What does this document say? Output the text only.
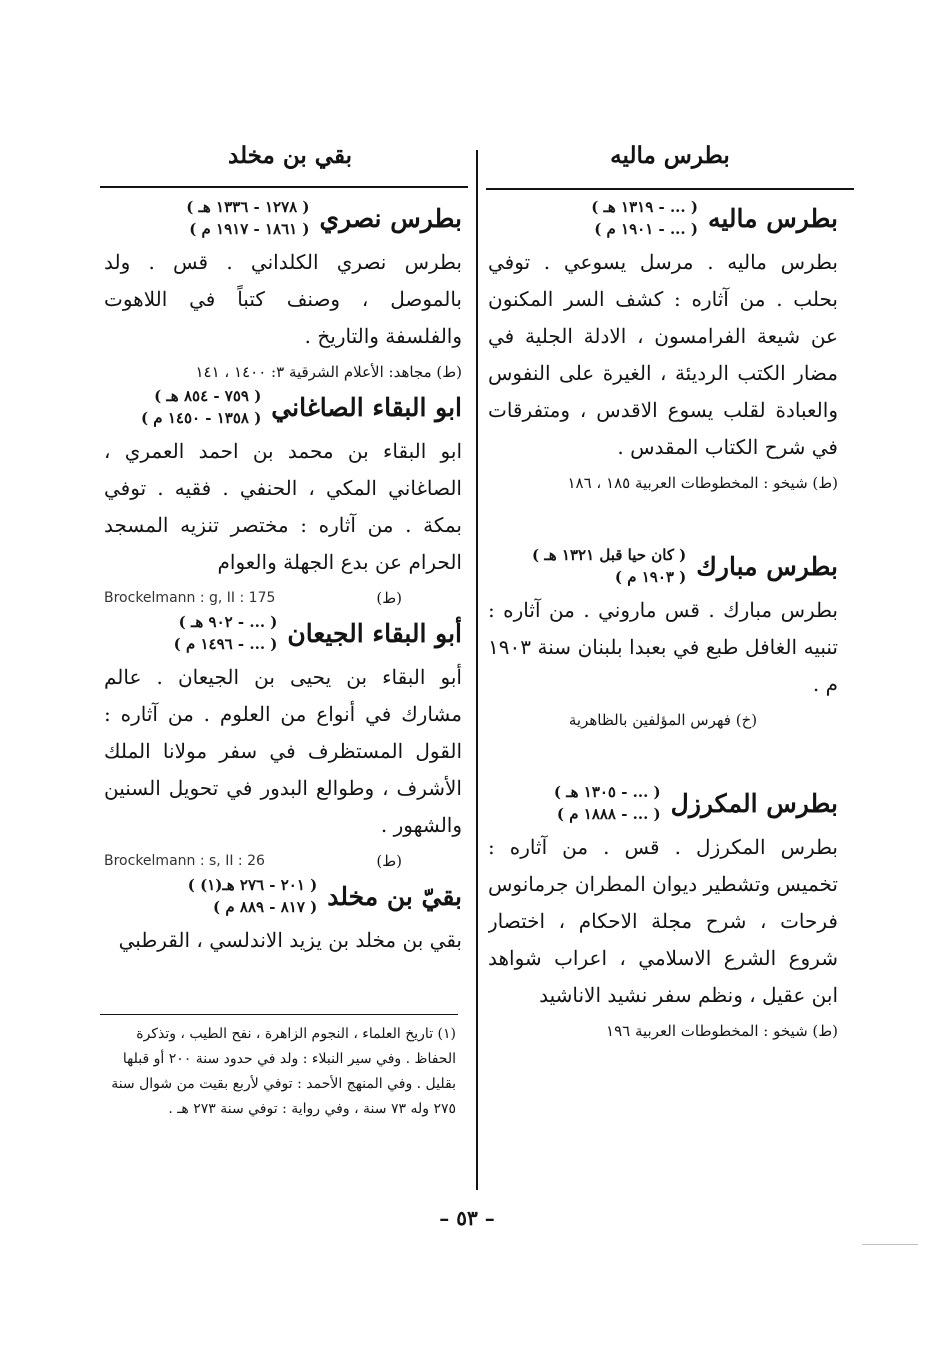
بطرس ماليه
بقي بن مخلد
بطرس ماليه
( ... - ١٣١٩ هـ )
( ... - ١٩٠١ م )

بطرس ماليه . مرسل يسوعي . توفي بحلب . من آثاره : كشف السر المكنون عن شيعة الفرامسون ، الادلة الجلية في مضار الكتب الرديئة ، الغيرة على النفوس والعبادة لقلب يسوع الاقدس ، ومتفرقات في شرح الكتاب المقدس .

(ط) شيخو : المخطوطات العربية ١٨٥ ، ١٨٦

بطرس مبارك
( كان حيا قبل ١٣٢١ هـ )
( ١٩٠٣ م )

بطرس مبارك . قس ماروني . من آثاره : تنبيه الغافل طبع في بعبدا بلبنان سنة ١٩٠٣ م .

(خ) فهرس المؤلفين بالظاهرية

بطرس المكرزل
( ... - ١٣٠٥ هـ )
( ... - ١٨٨٨ م )

بطرس المكرزل . قس . من آثاره : تخميس وتشطير ديوان المطران جرمانوس فرحات ، شرح مجلة الاحكام ، اختصار شروع الشرع الاسلامي ، اعراب شواهد ابن عقيل ، ونظم سفر نشيد الاناشيد

(ط) شيخو : المخطوطات العربية ١٩٦

بطرس نصري
( ١٢٧٨ - ١٣٣٦ هـ )
( ١٨٦١ - ١٩١٧ م )

بطرس نصري الكلداني . قس . ولد بالموصل ، وصنف كتباً في اللاهوت والفلسفة والتاريخ .

(ط) مجاهد: الأعلام الشرقية ٣: ١٤٠٠ ، ١٤١

ابو البقاء الصاغاني
( ٧٥٩ - ٨٥٤ هـ )
( ١٣٥٨ - ١٤٥٠ م )

ابو البقاء بن محمد بن احمد العمري ، الصاغاني المكي ، الحنفي . فقيه . توفي بمكة . من آثاره : مختصر تنزيه المسجد الحرام عن بدع الجهلة والعوام

(ط)
Brockelmann : g, II : 175

أبو البقاء الجيعان
( ... - ٩٠٢ هـ )
( ... - ١٤٩٦ م )

أبو البقاء بن يحيى بن الجيعان . عالم مشارك في أنواع من العلوم . من آثاره : القول المستظرف في سفر مولانا الملك الأشرف ، وطوالع البدور في تحويل السنين والشهور .

(ط)
Brockelmann : s, II : 26

بقيّ بن مخلد
( ٢٠١ - ٢٧٦ هـ(١) )
( ٨١٧ - ٨٨٩ م )

بقي بن مخلد بن يزيد الاندلسي ، القرطبي

(١) تاريخ العلماء ، النجوم الزاهرة ، نفح الطيب ، وتذكرة الحفاظ . وفي سير النبلاء : ولد في حدود سنة ٢٠٠ أو قبلها بقليل . وفي المنهج الأحمد : توفي لأربع بقيت من شوال سنة ٢٧٥ وله ٧٣ سنة ، وفي رواية : توفي سنة ٢٧٣ هـ .
– ٥٣ –
